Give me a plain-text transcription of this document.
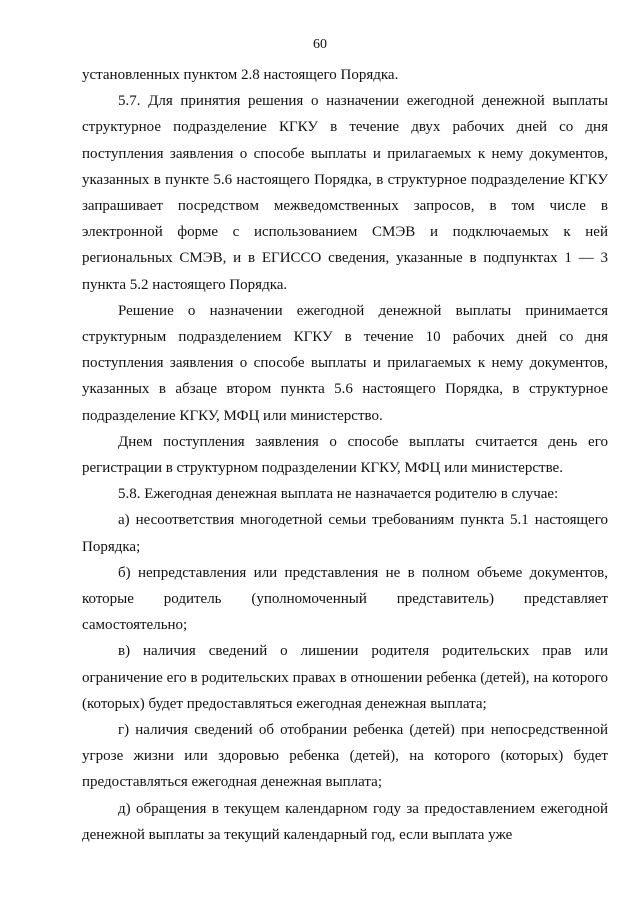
60

установленных пунктом 2.8 настоящего Порядка.

5.7. Для принятия решения о назначении ежегодной денежной выплаты структурное подразделение КГКУ в течение двух рабочих дней со дня поступления заявления о способе выплаты и прилагаемых к нему документов, указанных в пункте 5.6 настоящего Порядка, в структурное подразделение КГКУ запрашивает посредством межведомственных запросов, в том числе в электронной форме с использованием СМЭВ и подключаемых к ней региональных СМЭВ, и в ЕГИССО сведения, указанные в подпунктах 1 — 3 пункта 5.2 настоящего Порядка.

Решение о назначении ежегодной денежной выплаты принимается структурным подразделением КГКУ в течение 10 рабочих дней со дня поступления заявления о способе выплаты и прилагаемых к нему документов, указанных в абзаце втором пункта 5.6 настоящего Порядка, в структурное подразделение КГКУ, МФЦ или министерство.

Днем поступления заявления о способе выплаты считается день его регистрации в структурном подразделении КГКУ, МФЦ или министерстве.

5.8. Ежегодная денежная выплата не назначается родителю в случае:

а) несоответствия многодетной семьи требованиям пункта 5.1 настоящего Порядка;

б) непредставления или представления не в полном объеме документов, которые родитель (уполномоченный представитель) представляет самостоятельно;

в) наличия сведений о лишении родителя родительских прав или ограничение его в родительских правах в отношении ребенка (детей), на которого (которых) будет предоставляться ежегодная денежная выплата;

г) наличия сведений об отобрании ребенка (детей) при непосредственной угрозе жизни или здоровью ребенка (детей), на которого (которых) будет предоставляться ежегодная денежная выплата;

д) обращения в текущем календарном году за предоставлением ежегодной денежной выплаты за текущий календарный год, если выплата уже
